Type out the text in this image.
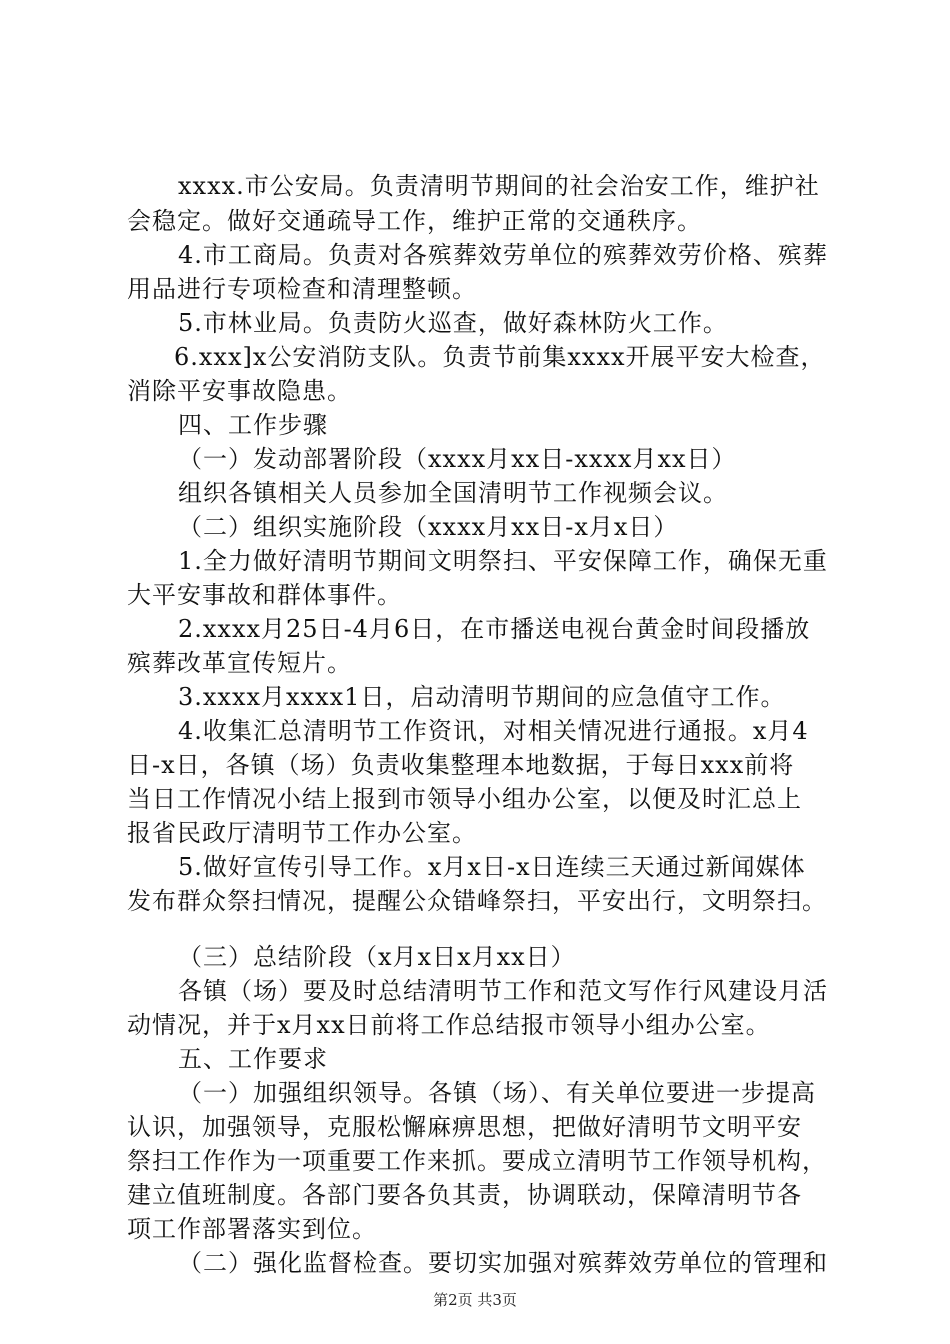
xxxx.市公安局。负责清明节期间的社会治安工作，维护社
会稳定。做好交通疏导工作，维护正常的交通秩序。
4.市工商局。负责对各殡葬效劳单位的殡葬效劳价格、殡葬
用品进行专项检查和清理整顿。
5.市林业局。负责防火巡查，做好森林防火工作。
6.xxx]x公安消防支队。负责节前集xxxx开展平安大检查，
消除平安事故隐患。
四、工作步骤
（一）发动部署阶段（xxxx月xx日-xxxx月xx日）
组织各镇相关人员参加全国清明节工作视频会议。
（二）组织实施阶段（xxxx月xx日-x月x日）
1.全力做好清明节期间文明祭扫、平安保障工作，确保无重
大平安事故和群体事件。
2.xxxx月25日-4月6日，在市播送电视台黄金时间段播放
殡葬改革宣传短片。
3.xxxx月xxxx1日，启动清明节期间的应急值守工作。
4.收集汇总清明节工作资讯，对相关情况进行通报。x月4
日-x日，各镇（场）负责收集整理本地数据，于每日xxx前将
当日工作情况小结上报到市领导小组办公室，以便及时汇总上
报省民政厅清明节工作办公室。
5.做好宣传引导工作。x月x日-x日连续三天通过新闻媒体
发布群众祭扫情况，提醒公众错峰祭扫，平安出行，文明祭扫。
（三）总结阶段（x月x日x月xx日）
各镇（场）要及时总结清明节工作和范文写作行风建设月活
动情况，并于x月xx日前将工作总结报市领导小组办公室。
五、工作要求
（一）加强组织领导。各镇（场）、有关单位要进一步提高
认识，加强领导，克服松懈麻痹思想，把做好清明节文明平安
祭扫工作作为一项重要工作来抓。要成立清明节工作领导机构，
建立值班制度。各部门要各负其责，协调联动，保障清明节各
项工作部署落实到位。
（二）强化监督检查。要切实加强对殡葬效劳单位的管理和
第2页 共3页
